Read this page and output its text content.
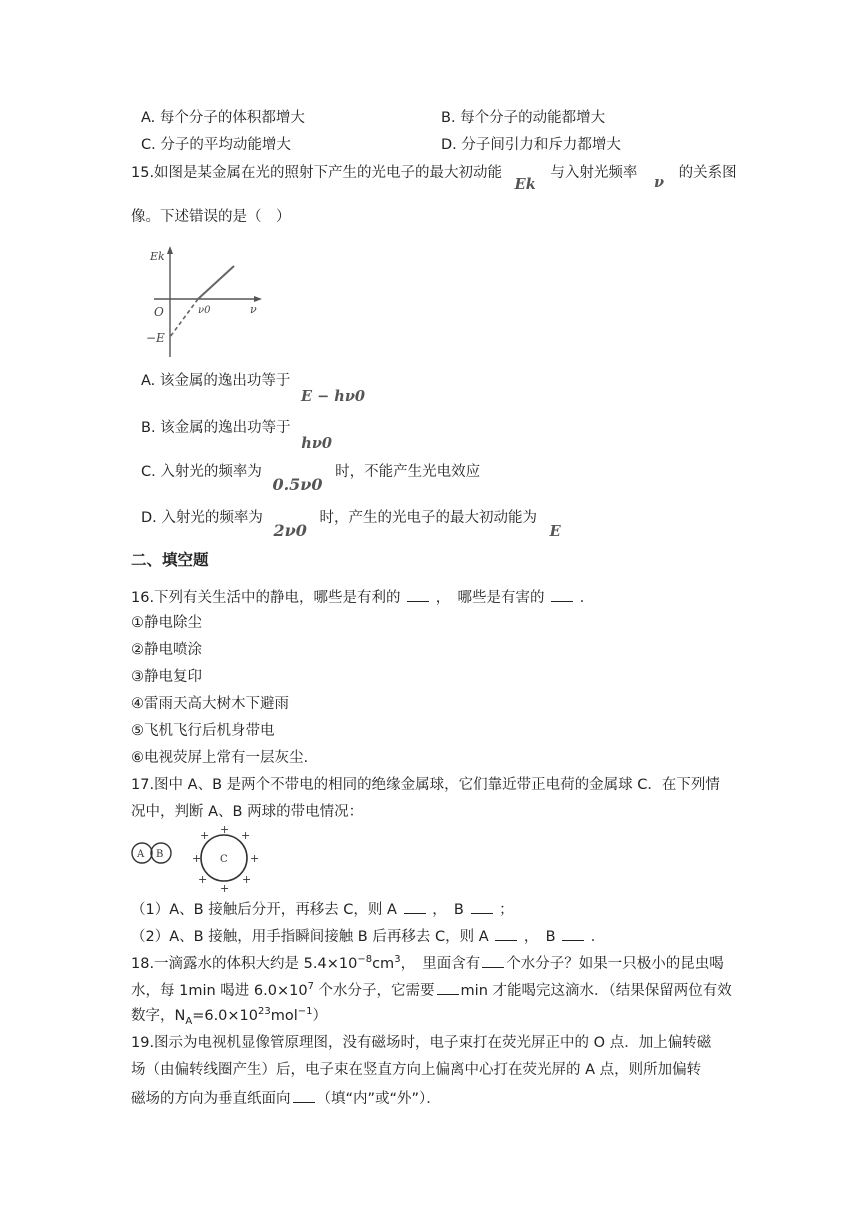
A. 每个分子的体积都增大	B. 每个分子的动能都增大
C. 分子的平均动能增大	D. 分子间引力和斥力都增大
15.如图是某金属在光的照射下产生的光电子的最大初动能 Ek 与入射光频率 ν 的关系图
像。下述错误的是（　）
Ek
O	ν0	ν
−E
A. 该金属的逸出功等于 E − hν0
B. 该金属的逸出功等于 hν0
C. 入射光的频率为 0.5ν0 时，不能产生光电效应
D. 入射光的频率为 2ν0 时，产生的光电子的最大初动能为 E
二、填空题
16.下列有关生活中的静电，哪些是有利的 ，　哪些是有害的 ．
①静电除尘
②静电喷涂
③静电复印
④雷雨天高大树木下避雨
⑤飞机飞行后机身带电
⑥电视荧屏上常有一层灰尘.
17.图中 A、B 是两个不带电的相同的绝缘金属球，它们靠近带正电荷的金属球 C．在下列情
况中，判断 A、B 两球的带电情况：
A B	C
+ +
+
+
+
+
+
+
（1）A、B 接触后分开，再移去 C，则 A ，　B ；
（2）A、B 接触，用手指瞬间接触 B 后再移去 C，则 A ，　B ．
18.一滴露水的体积大约是 $5.4\times 10^{-8}cm^3$，　里面含有 个水分子？如果一只极小的昆虫喝
水，每 1min 喝进 $6.0\times 10^7$ 个水分子，它需要 min 才能喝完这滴水．（结果保留两位有效
数字，$N_A=6.0\times 10^{23}mol^{-1}$）
19.图示为电视机显像管原理图，没有磁场时，电子束打在荧光屏正中的 O 点．加上偏转磁
场（由偏转线圈产生）后，电子束在竖直方向上偏离中心打在荧光屏的 A 点，则所加偏转
磁场的方向为垂直纸面向 （填“内”或“外”）．
